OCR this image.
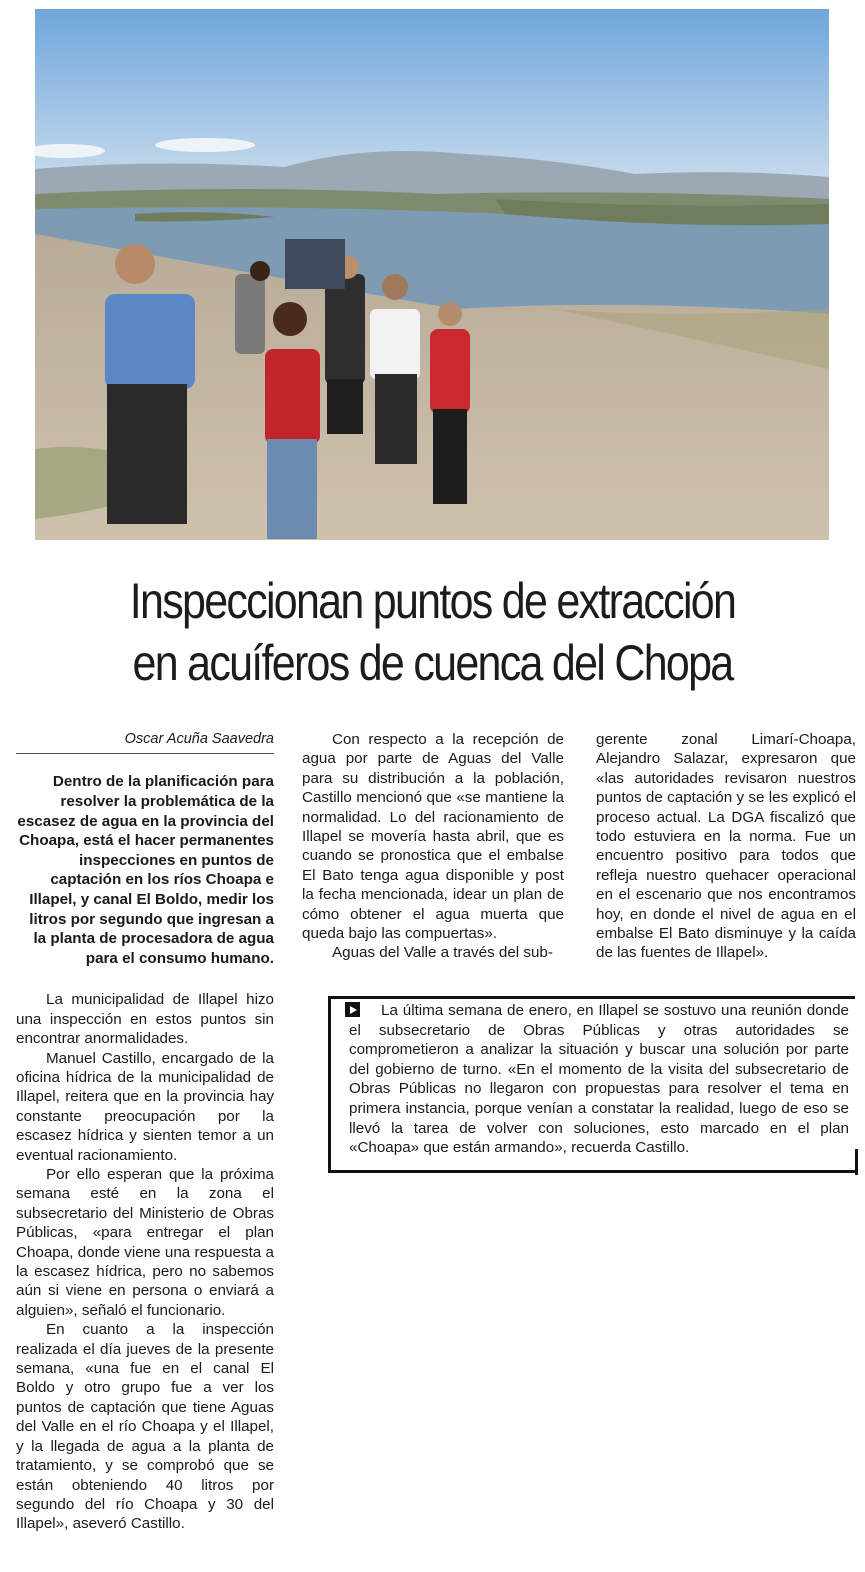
Inspeccionan puntos de extracción
en acuíferos de cuenca del Chopa
Oscar Acuña Saavedra
Dentro de la planificación para resolver la problemática de la escasez de agua en la provincia del Choapa, está el hacer permanentes inspecciones en puntos de captación en los ríos Choapa e Illapel, y canal El Boldo, medir los litros por segundo que ingresan a la planta de procesadora de agua para el consumo humano.

La municipalidad de Illapel hizo una inspección en estos puntos sin encontrar anormalidades.

Manuel Castillo, encargado de la oficina hídrica de la municipalidad de Illapel, reitera que en la provincia hay constante preocupación por la escasez hídrica y sienten temor a un eventual racionamiento.

Por ello esperan que la próxima semana esté en la zona el subsecretario del Ministerio de Obras Públicas, «para entregar el plan Choapa, donde viene una respuesta a la escasez hídrica, pero no sabemos aún si viene en persona o enviará a alguien», señaló el funcionario.

En cuanto a la inspección realizada el día jueves de la presente semana, «una fue en el canal El Boldo y otro grupo fue a ver los puntos de captación que tiene Aguas del Valle en el río Choapa y el Illapel, y la llegada de agua a la planta de tratamiento, y se comprobó que se están obteniendo 40 litros por segundo del río Choapa y 30 del Illapel», aseveró Castillo.

Con respecto a la recepción de agua por parte de Aguas del Valle para su distribución a la población, Castillo mencionó que «se mantiene la normalidad. Lo del racionamiento de Illapel se movería hasta abril, que es cuando se pronostica que el embalse El Bato tenga agua disponible y post la fecha mencionada, idear un plan de cómo obtener el agua muerta que queda bajo las compuertas».

Aguas del Valle a través del sub-

gerente zonal Limarí-Choapa, Alejandro Salazar, expresaron que «las autoridades revisaron nuestros puntos de captación y se les explicó el proceso actual. La DGA fiscalizó que todo estuviera en la norma. Fue un encuentro positivo para todos que refleja nuestro quehacer operacional en el escenario que nos encontramos hoy, en donde el nivel de agua en el embalse El Bato disminuye y la caída de las fuentes de Illapel».

La última semana de enero, en Illapel se sostuvo una reunión donde el subsecretario de Obras Públicas y otras autoridades se comprometieron a analizar la situación y buscar una solución por parte del gobierno de turno. «En el momento de la visita del subsecretario de Obras Públicas no llegaron con propuestas para resolver el tema en primera instancia, porque venían a constatar la realidad, luego de eso se llevó la tarea de volver con soluciones, esto marcado en el plan «Choapa» que están armando», recuerda Castillo.
